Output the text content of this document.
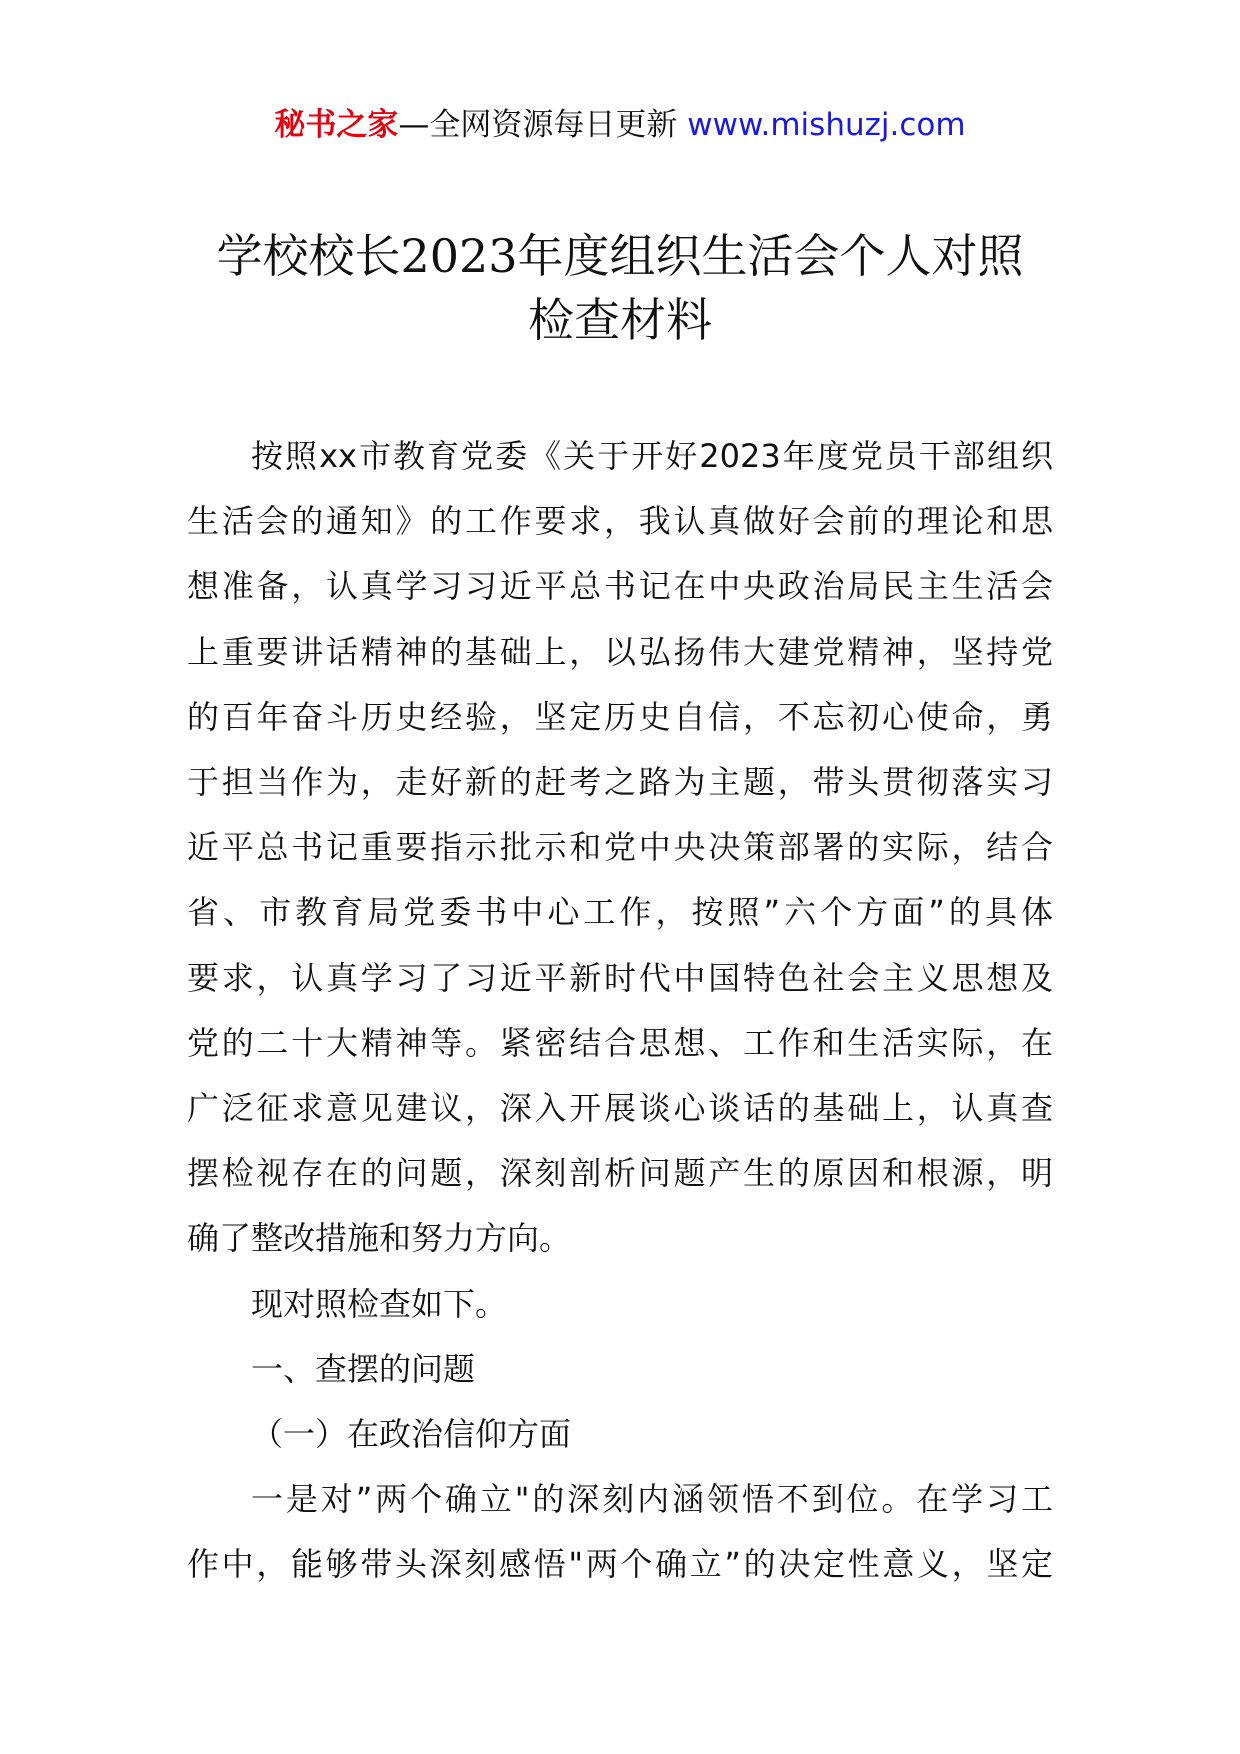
秘书之家—全网资源每日更新 www.mishuzj.com
学校校长2023年度组织生活会个人对照
检查材料
按照xx市教育党委《关于开好2023年度党员干部组织
生活会的通知》的工作要求，我认真做好会前的理论和思
想准备，认真学习习近平总书记在中央政治局民主生活会
上重要讲话精神的基础上，以弘扬伟大建党精神，坚持党
的百年奋斗历史经验，坚定历史自信，不忘初心使命，勇
于担当作为，走好新的赶考之路为主题，带头贯彻落实习
近平总书记重要指示批示和党中央决策部署的实际，结合
省、市教育局党委书中心工作，按照”六个方面”的具体
要求，认真学习了习近平新时代中国特色社会主义思想及
党的二十大精神等。紧密结合思想、工作和生活实际，在
广泛征求意见建议，深入开展谈心谈话的基础上，认真查
摆检视存在的问题，深刻剖析问题产生的原因和根源，明
确了整改措施和努力方向。
现对照检查如下。
一、查摆的问题
（一）在政治信仰方面
一是对”两个确立"的深刻内涵领悟不到位。在学习工
作中，能够带头深刻感悟"两个确立”的决定性意义，坚定
